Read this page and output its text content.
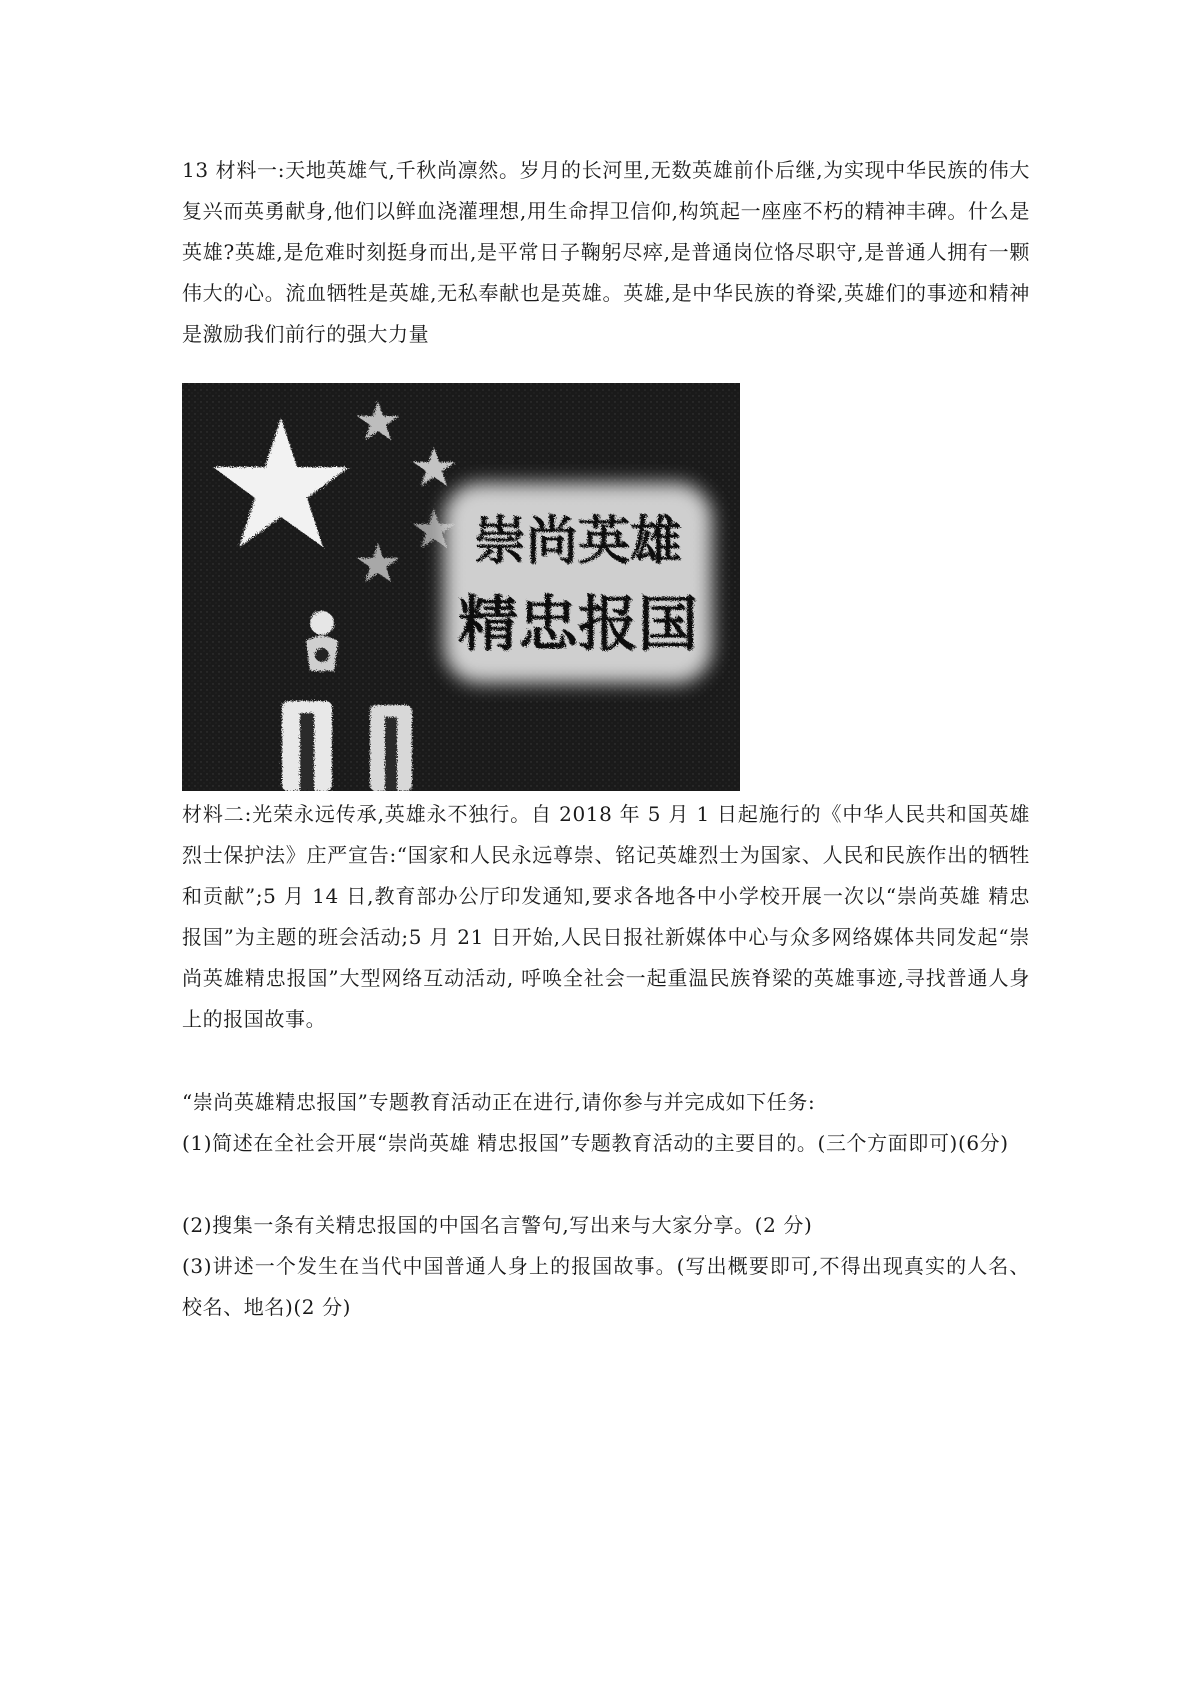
13 材料一:天地英雄气,千秋尚凛然。岁月的长河里,无数英雄前仆后继,为实现中华民族的伟大复兴而英勇献身,他们以鲜血浇灌理想,用生命捍卫信仰,构筑起一座座不朽的精神丰碑。什么是英雄?英雄,是危难时刻挺身而出,是平常日子鞠躬尽瘁,是普通岗位恪尽职守,是普通人拥有一颗伟大的心。流血牺牲是英雄,无私奉献也是英雄。英雄,是中华民族的脊梁,英雄们的事迹和精神是激励我们前行的强大力量

崇尚英雄
精忠报国

材料二:光荣永远传承,英雄永不独行。自 2018 年 5 月 1 日起施行的《中华人民共和国英雄烈士保护法》庄严宣告:“国家和人民永远尊崇、铭记英雄烈士为国家、人民和民族作出的牺牲和贡献”;5 月 14 日,教育部办公厅印发通知,要求各地各中小学校开展一次以“崇尚英雄 精忠报国”为主题的班会活动;5 月 21 日开始,人民日报社新媒体中心与众多网络媒体共同发起“崇尚英雄精忠报国”大型网络互动活动, 呼唤全社会一起重温民族脊梁的英雄事迹,寻找普通人身上的报国故事。

“崇尚英雄精忠报国”专题教育活动正在进行,请你参与并完成如下任务:

(1)简述在全社会开展“崇尚英雄 精忠报国”专题教育活动的主要目的。(三个方面即可)(6分)

(2)搜集一条有关精忠报国的中国名言警句,写出来与大家分享。(2 分)

(3)讲述一个发生在当代中国普通人身上的报国故事。(写出概要即可,不得出现真实的人名、校名、地名)(2 分)
